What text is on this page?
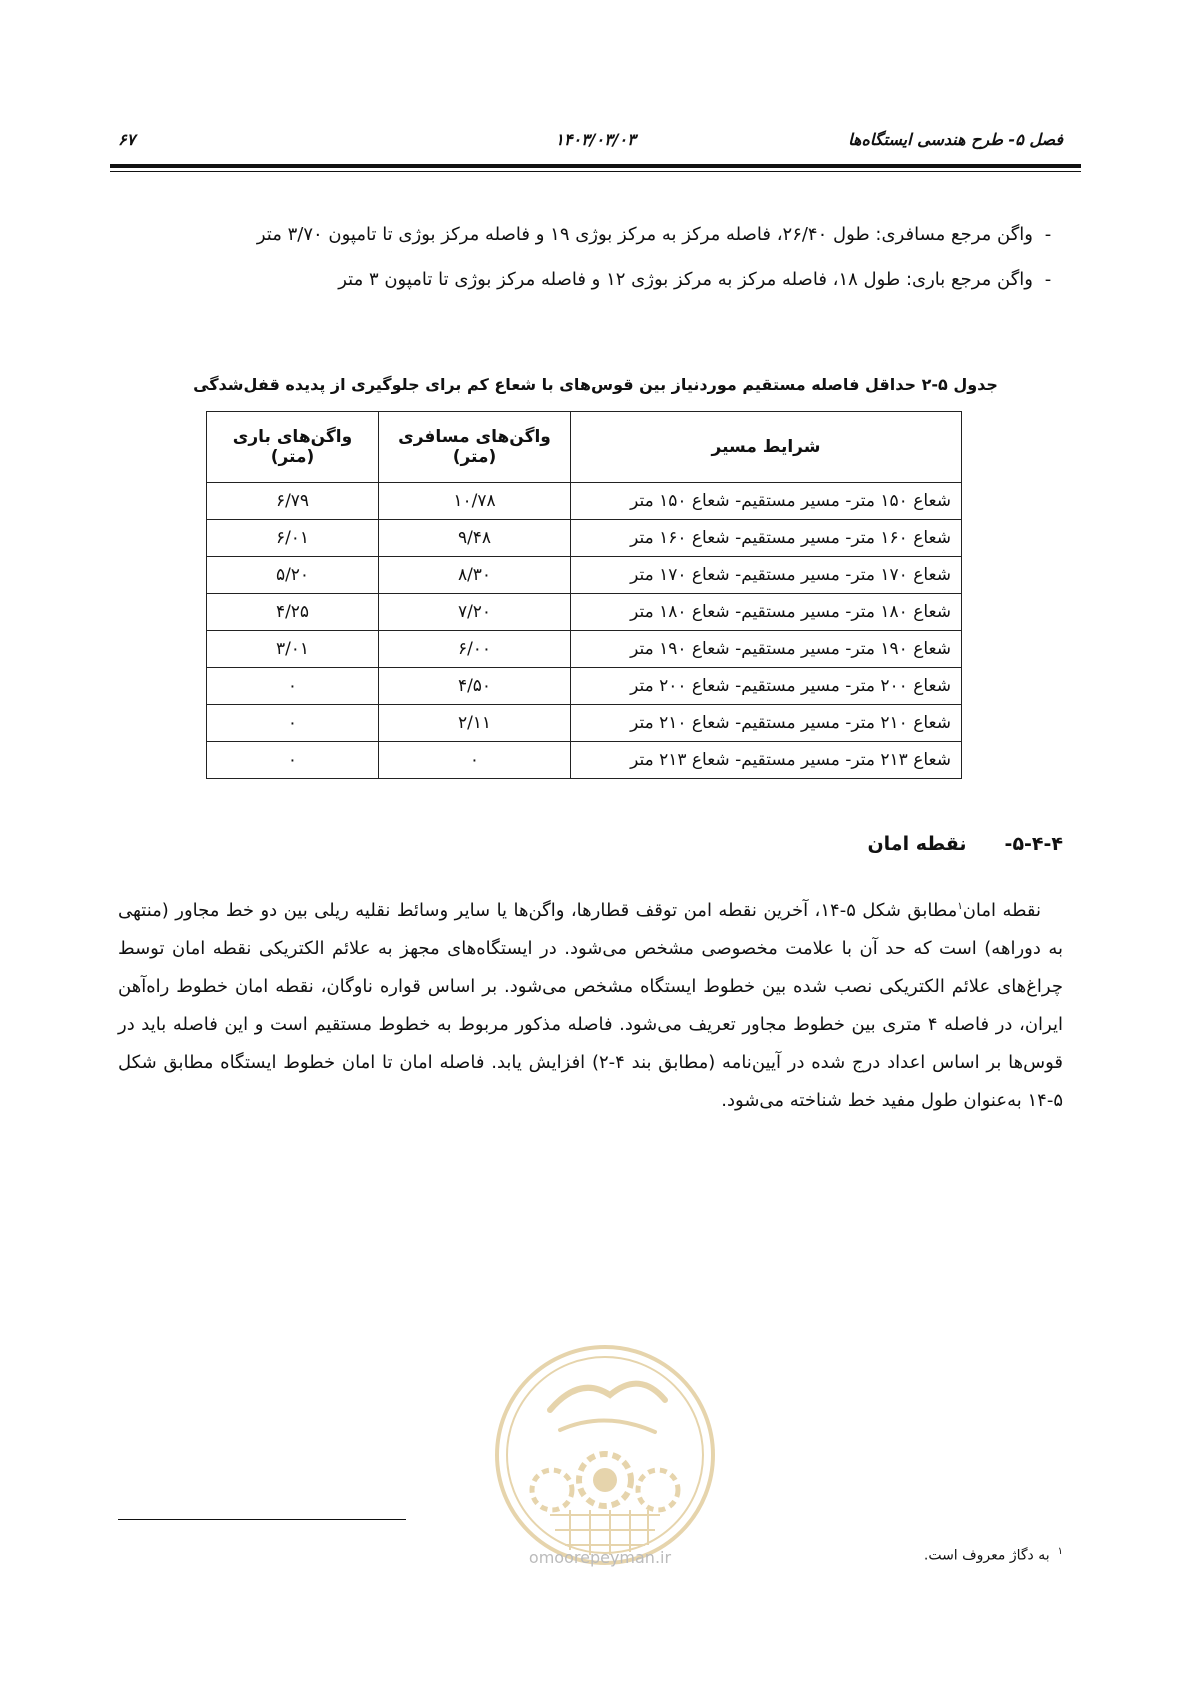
فصل ۵- طرح هندسی ایستگاه‌ها
۱۴۰۳/۰۳/۰۳
۶۷
-واگن مرجع مسافری: طول ۲۶/۴۰، فاصله مرکز به مرکز بوژی ۱۹ و فاصله مرکز بوژی تا تامپون ۳/۷۰ متر
-واگن مرجع باری: طول ۱۸، فاصله مرکز به مرکز بوژی ۱۲ و فاصله مرکز بوژی تا تامپون ۳ متر
جدول ۵-۲ حداقل فاصله مستقیم موردنیاز بین قوس‌های با شعاع کم برای جلوگیری از پدیده قفل‌شدگی
شرایط مسیر	واگن‌های مسافری (متر)	واگن‌های باری (متر)
شعاع ۱۵۰ متر- مسیر مستقیم- شعاع ۱۵۰ متر	۱۰/۷۸	۶/۷۹
شعاع ۱۶۰ متر- مسیر مستقیم- شعاع ۱۶۰ متر	۹/۴۸	۶/۰۱
شعاع ۱۷۰ متر- مسیر مستقیم- شعاع ۱۷۰ متر	۸/۳۰	۵/۲۰
شعاع ۱۸۰ متر- مسیر مستقیم- شعاع ۱۸۰ متر	۷/۲۰	۴/۲۵
شعاع ۱۹۰ متر- مسیر مستقیم- شعاع ۱۹۰ متر	۶/۰۰	۳/۰۱
شعاع ۲۰۰ متر- مسیر مستقیم- شعاع ۲۰۰ متر	۴/۵۰	۰
شعاع ۲۱۰ متر- مسیر مستقیم- شعاع ۲۱۰ متر	۲/۱۱	۰
شعاع ۲۱۳ متر- مسیر مستقیم- شعاع ۲۱۳ متر	۰	۰
۵-۴-۴-نقطه امان

نقطه امان$^۱$مطابق شکل ۵-۱۴، آخرین نقطه امن توقف قطارها، واگن‌ها یا سایر وسائط نقلیه ریلی بین دو خط مجاور (منتهی به دوراهه) است که حد آن با علامت مخصوصی مشخص می‌شود. در ایستگاه‌های مجهز به علائم الکتریکی نقطه امان توسط چراغ‌های علائم الکتریکی نصب شده بین خطوط ایستگاه مشخص می‌شود. بر اساس قواره ناوگان، نقطه امان خطوط راه‌آهن ایران، در فاصله ۴ متری بین خطوط مجاور تعریف می‌شود. فاصله مذکور مربوط به خطوط مستقیم است و این فاصله باید در قوس‌ها بر اساس اعداد درج شده در آیین‌نامه (مطابق بند ۴-۲) افزایش یابد. فاصله امان تا امان خطوط ایستگاه مطابق شکل ۵-۱۴ به‌عنوان طول مفید خط شناخته می‌شود.

omoorepeyman.ir	$^۱$به دگاژ معروف است.
